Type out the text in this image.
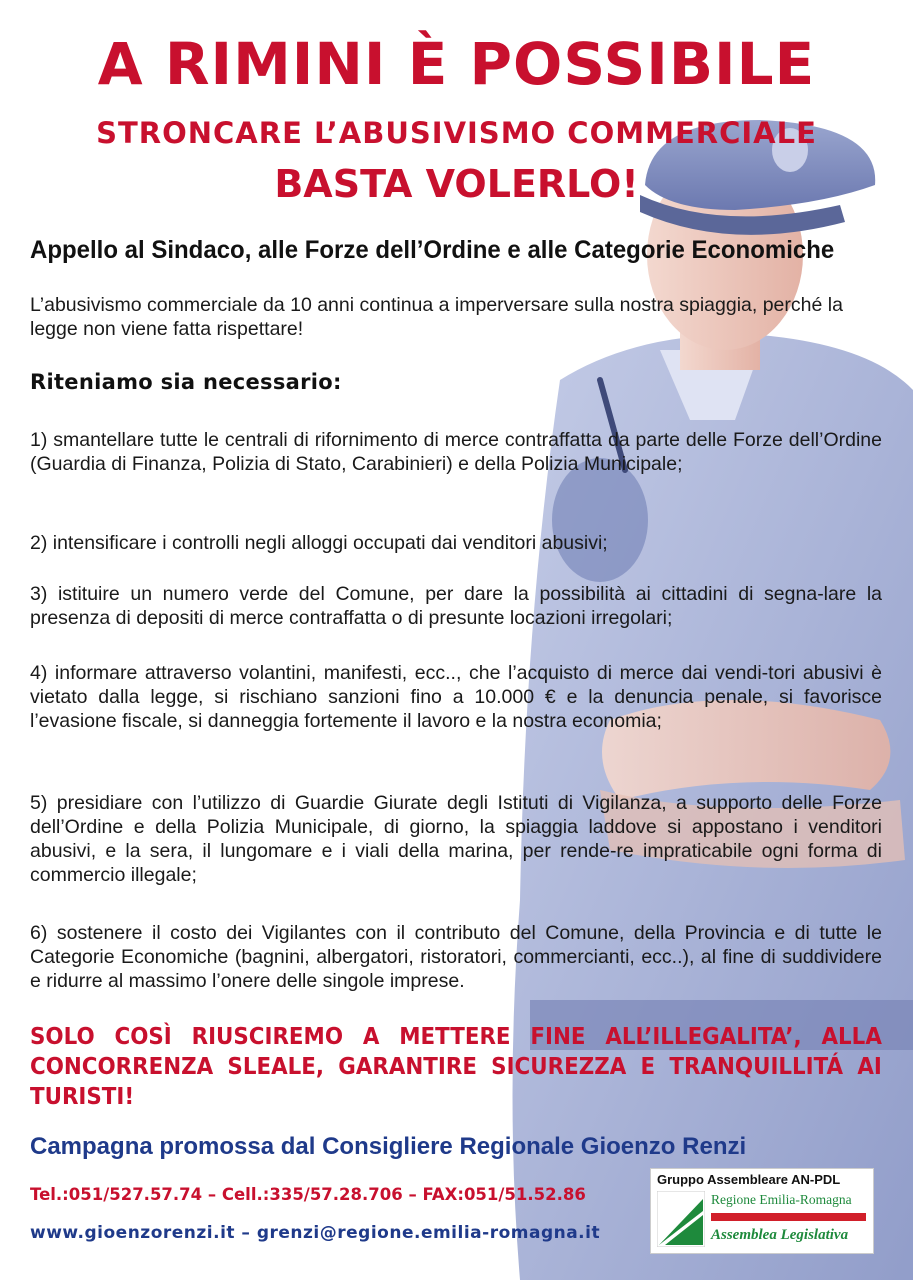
A RIMINI È POSSIBILE
STRONCARE L’ABUSIVISMO COMMERCIALE
BASTA VOLERLO!
Appello al Sindaco, alle Forze dell’Ordine e alle Categorie Economiche

L’abusivismo commerciale da 10 anni continua a imperversare sulla nostra spiaggia, perché la legge non viene fatta rispettare!

Riteniamo sia necessario:

1) smantellare tutte le centrali di rifornimento di merce contraffatta da parte delle Forze dell’Ordine (Guardia di Finanza, Polizia di Stato, Carabinieri) e della Polizia Municipale;

2) intensificare i controlli negli alloggi occupati dai venditori abusivi;

3) istituire un numero verde del Comune, per dare la possibilità ai cittadini di segna-lare la presenza di depositi di merce contraffatta o di presunte locazioni irregolari;

4) informare attraverso volantini, manifesti, ecc.., che l’acquisto di merce dai vendi-tori abusivi è vietato dalla legge, si rischiano sanzioni fino a 10.000 € e la denuncia penale, si favorisce l’evasione fiscale, si danneggia fortemente il lavoro e la nostra economia;

5) presidiare con l’utilizzo di Guardie Giurate degli Istituti di Vigilanza, a supporto delle Forze dell’Ordine e della Polizia Municipale, di giorno, la spiaggia laddove si appostano i venditori abusivi, e la sera, il lungomare e i viali della marina, per rende-re impraticabile ogni forma di commercio illegale;

6) sostenere il costo dei Vigilantes con il contributo del Comune, della Provincia e di tutte le Categorie Economiche (bagnini, albergatori, ristoratori, commercianti, ecc..), al fine di suddividere e ridurre al massimo l’onere delle singole imprese.

SOLO COSÌ RIUSCIREMO A METTERE FINE ALL’ILLEGALITA’, ALLA CONCORRENZA SLEALE, GARANTIRE SICUREZZA E TRANQUILLITÁ AI TURISTI!

Campagna promossa dal Consigliere Regionale Gioenzo Renzi

Tel.:051/527.57.74 – Cell.:335/57.28.706 – FAX:051/51.52.86

www.gioenzorenzi.it – grenzi@regione.emilia-romagna.it

Gruppo Assembleare AN-PDL
Regione Emilia-Romagna
Assemblea Legislativa
